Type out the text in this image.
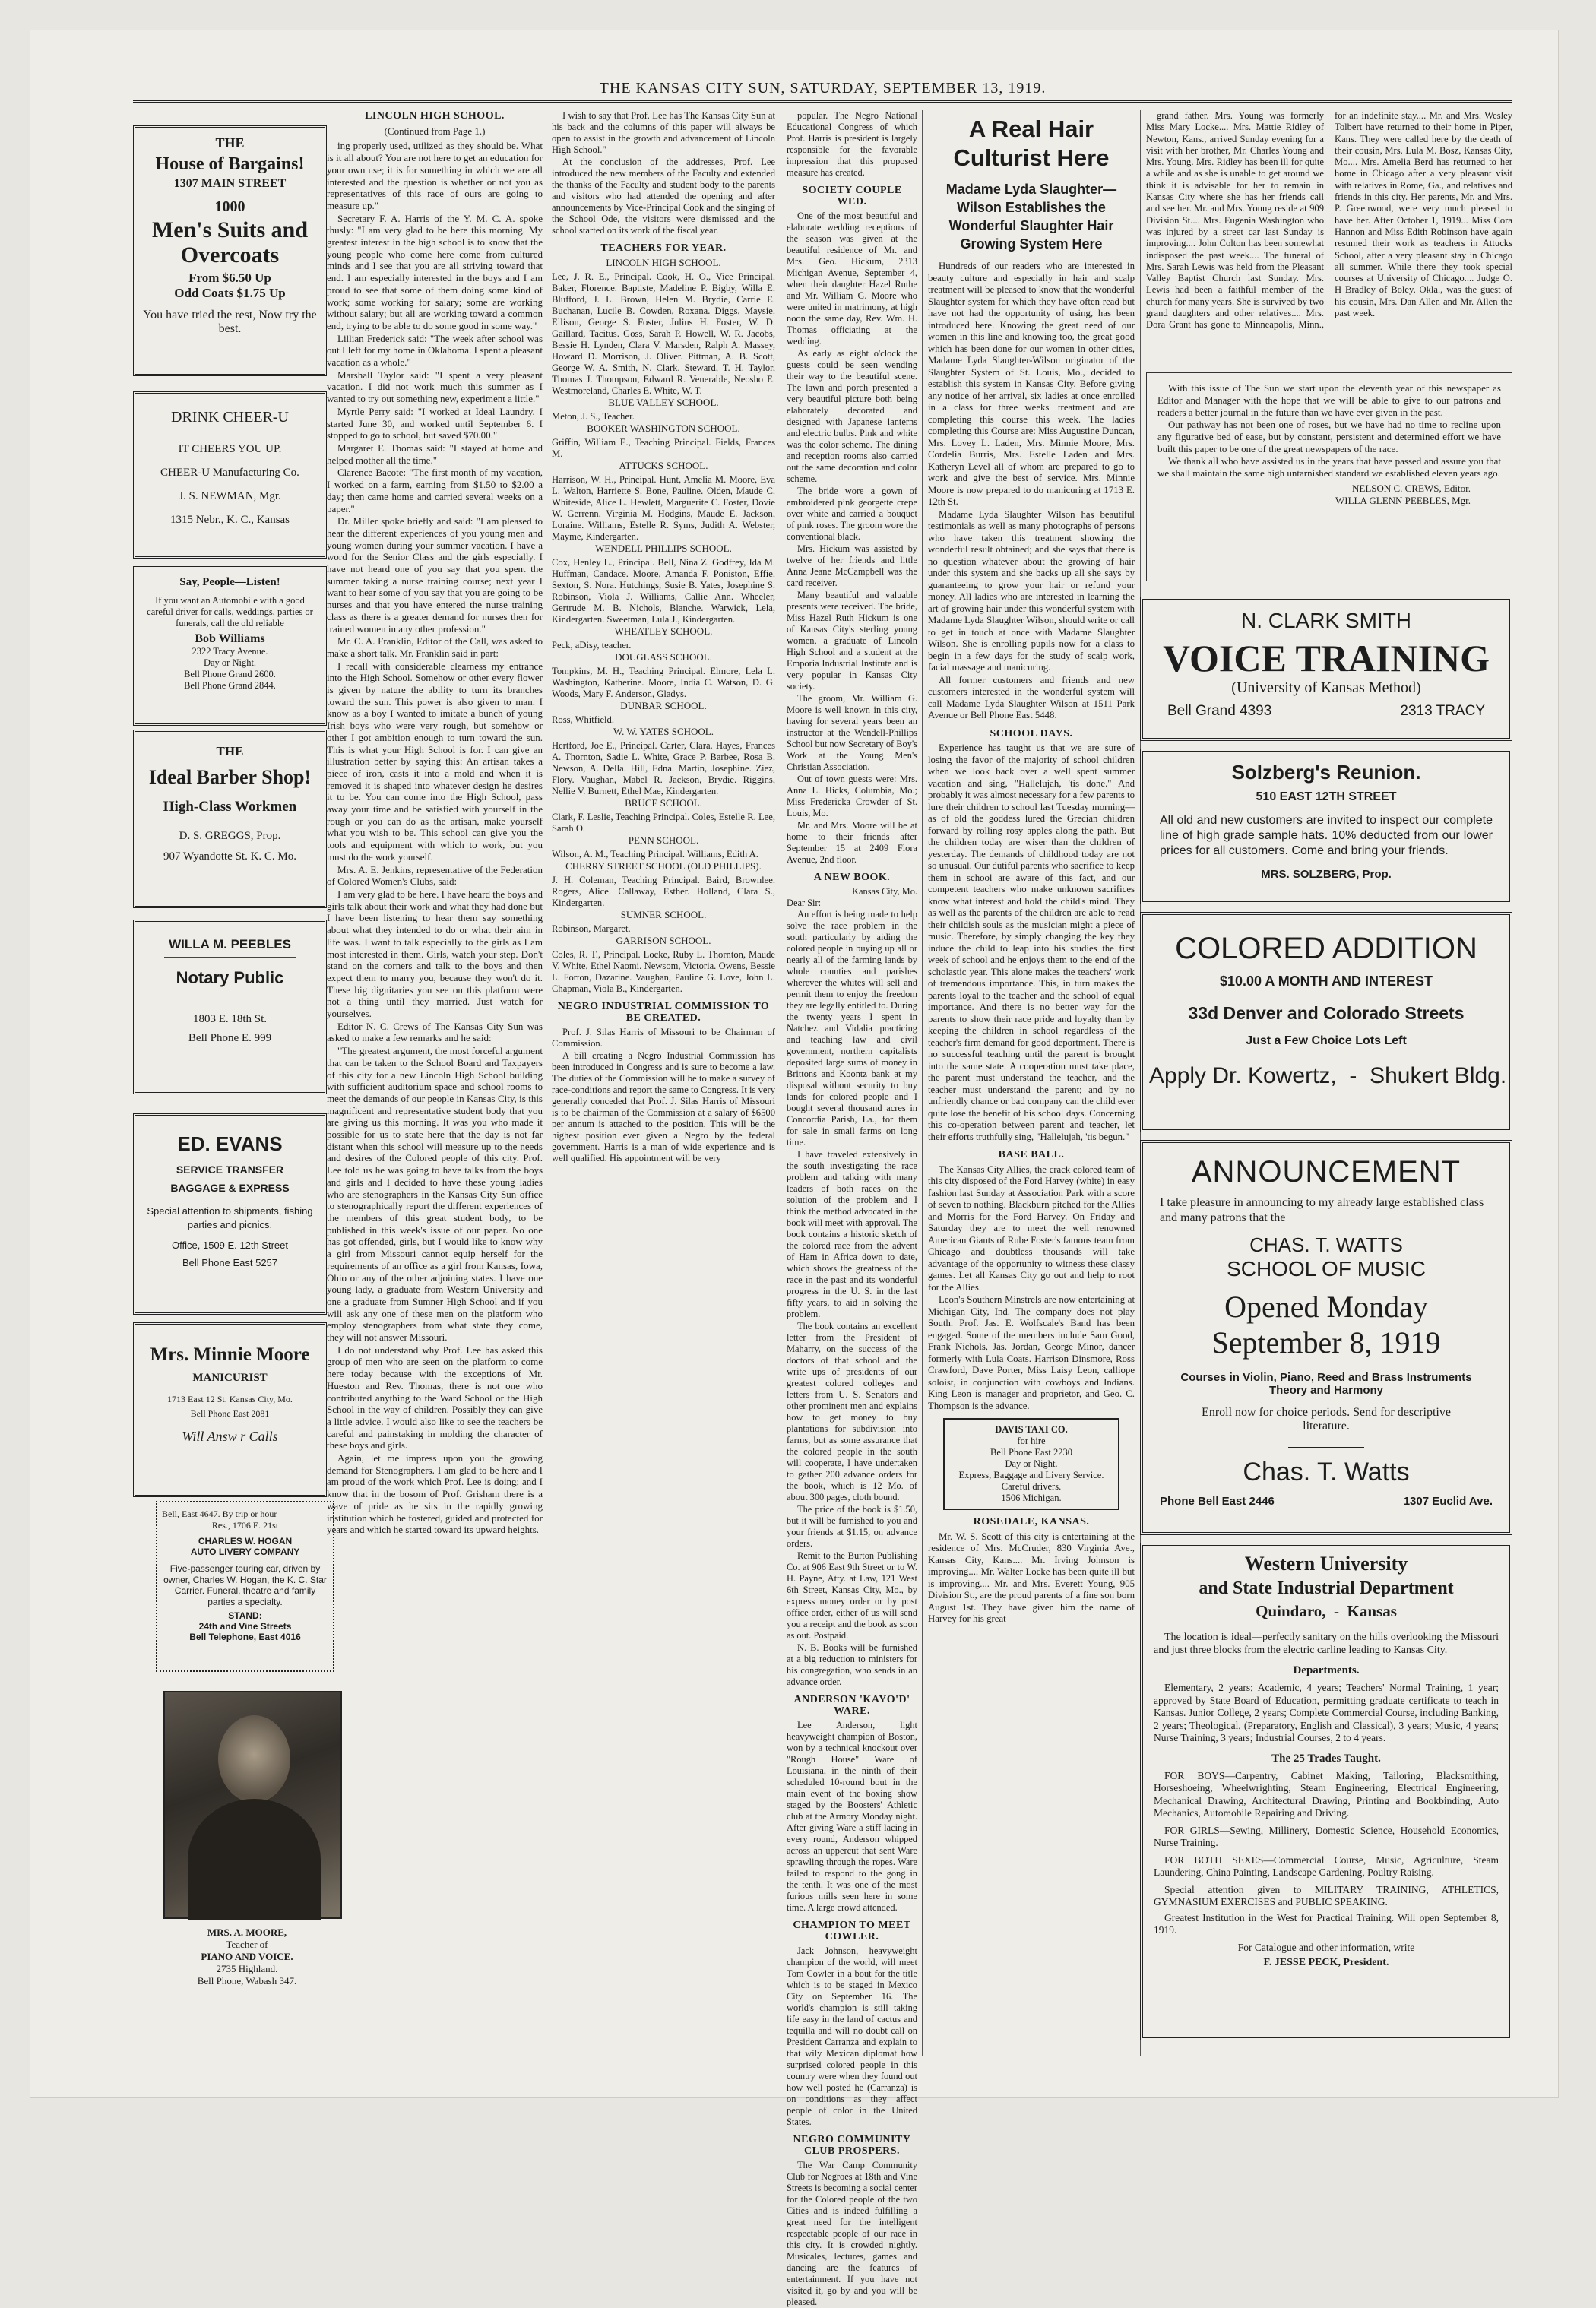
THE KANSAS CITY SUN, SATURDAY, SEPTEMBER 13, 1919.
THE
House of Bargains!
1307 MAIN STREET
1000
Men's Suits and Overcoats
From $6.50 Up
Odd Coats $1.75 Up
You have tried the rest, Now try the best.
DRINK CHEER-U
IT CHEERS YOU UP.
CHEER-U Manufacturing Co.
J. S. NEWMAN, Mgr.
1315 Nebr., K. C., Kansas
Say, People—Listen!
If you want an Automobile with a good careful driver for calls, weddings, parties or funerals, call the old reliable
Bob Williams
2322 Tracy Avenue.
Day or Night.
Bell Phone Grand 2600.
Bell Phone Grand 2844.
THE
Ideal Barber Shop!
High-Class Workmen
D. S. GREGGS, Prop.
907 Wyandotte St. K. C. Mo.
WILLA M. PEEBLES
Notary Public
1803 E. 18th St.
Bell Phone E. 999
ED. EVANS
SERVICE TRANSFER
BAGGAGE & EXPRESS
Special attention to shipments, fishing parties and picnics.
Office, 1509 E. 12th Street
Bell Phone East 5257
Mrs. Minnie Moore
MANICURIST
1713 East 12 St. Kansas City, Mo.
Bell Phone East 2081
Will Answ r Calls
Bell, East 4647. By trip or hour
Res., 1706 E. 21st
CHARLES W. HOGAN
AUTO LIVERY COMPANY
Five-passenger touring car, driven by owner, Charles W. Hogan, the K. C. Star Carrier. Funeral, theatre and family parties a specialty.
STAND:
24th and Vine Streets
Bell Telephone, East 4016
MRS. A. MOORE,
Teacher of
PIANO AND VOICE.
2735 Highland.
Bell Phone, Wabash 347.
LINCOLN HIGH SCHOOL.
(Continued from Page 1.)

ing properly used, utilized as they should be. What is it all about? You are not here to get an education for your own use; it is for something in which we are all interested and the question is whether or not you as representatives of this race of ours are going to measure up."

Secretary F. A. Harris of the Y. M. C. A. spoke thusly: "I am very glad to be here this morning. My greatest interest in the high school is to know that the young people who come here come from cultured minds and I see that you are all striving toward that end. I am especially interested in the boys and I am proud to see that some of them doing some kind of work; some working for salary; some are working without salary; but all are working toward a common end, trying to be able to do some good in some way."

Lillian Frederick said: "The week after school was out I left for my home in Oklahoma. I spent a pleasant vacation as a whole."

Marshall Taylor said: "I spent a very pleasant vacation. I did not work much this summer as I wanted to try out something new, experiment a little."

Myrtle Perry said: "I worked at Ideal Laundry. I started June 30, and worked until September 6. I stopped to go to school, but saved $70.00."

Margaret E. Thomas said: "I stayed at home and helped mother all the time."

Clarence Bacote: "The first month of my vacation, I worked on a farm, earning from $1.50 to $2.00 a day; then came home and carried several weeks on a paper."

Dr. Miller spoke briefly and said: "I am pleased to hear the different experiences of you young men and young women during your summer vacation. I have a word for the Senior Class and the girls especially. I have not heard one of you say that you spent the summer taking a nurse training course; next year I want to hear some of you say that you are going to be nurses and that you have entered the nurse training class as there is a greater demand for nurses then for trained women in any other profession."

Mr. C. A. Franklin, Editor of the Call, was asked to make a short talk. Mr. Franklin said in part:

I recall with considerable clearness my entrance into the High School. Somehow or other every flower is given by nature the ability to turn its branches toward the sun. This power is also given to man. I know as a boy I wanted to imitate a bunch of young Irish boys who were very rough, but somehow or other I got ambition enough to turn toward the sun. This is what your High School is for. I can give an illustration better by saying this: An artisan takes a piece of iron, casts it into a mold and when it is removed it is shaped into whatever design he desires it to be. You can come into the High School, pass away your time and be satisfied with yourself in the rough or you can do as the artisan, make yourself what you wish to be. This school can give you the tools and equipment with which to work, but you must do the work yourself.

Mrs. A. E. Jenkins, representative of the Federation of Colored Women's Clubs, said:

I am very glad to be here. I have heard the boys and girls talk about their work and what they had done but I have been listening to hear them say something about what they intended to do or what their aim in life was. I want to talk especially to the girls as I am most interested in them. Girls, watch your step. Don't stand on the corners and talk to the boys and then expect them to marry you, because they won't do it. These big dignitaries you see on this platform were not a thing until they married. Just watch for yourselves.

Editor N. C. Crews of The Kansas City Sun was asked to make a few remarks and he said:

"The greatest argument, the most forceful argument that can be taken to the School Board and Taxpayers of this city for a new Lincoln High School building with sufficient auditorium space and school rooms to meet the demands of our people in Kansas City, is this magnificent and representative student body that you are giving us this morning. It was you who made it possible for us to state here that the day is not far distant when this school will measure up to the needs and desires of the Colored people of this city. Prof. Lee told us he was going to have talks from the boys and girls and I decided to have these young ladies who are stenographers in the Kansas City Sun office to stenographically report the different experiences of the members of this great student body, to be published in this week's issue of our paper. No one has got offended, girls, but I would like to know why a girl from Missouri cannot equip herself for the requirements of an office as a girl from Kansas, Iowa, Ohio or any of the other adjoining states. I have one young lady, a graduate from Western University and one a graduate from Sumner High School and if you will ask any one of these men on the platform who employ stenographers from what state they come, they will not answer Missouri.

I do not understand why Prof. Lee has asked this group of men who are seen on the platform to come here today because with the exceptions of Mr. Hueston and Rev. Thomas, there is not one who contributed anything to the Ward School or the High School in the way of children. Possibly they can give a little advice. I would also like to see the teachers be careful and painstaking in molding the character of these boys and girls.

Again, let me impress upon you the growing demand for Stenographers. I am glad to be here and I am proud of the work which Prof. Lee is doing; and I know that in the bosom of Prof. Grisham there is a wave of pride as he sits in the rapidly growing institution which he fostered, guided and protected for years and which he started toward its upward heights.

I wish to say that Prof. Lee has The Kansas City Sun at his back and the columns of this paper will always be open to assist in the growth and advancement of Lincoln High School."

At the conclusion of the addresses, Prof. Lee introduced the new members of the Faculty and extended the thanks of the Faculty and student body to the parents and visitors who had attended the opening and after announcements by Vice-Principal Cook and the singing of the School Ode, the visitors were dismissed and the school started on its work of the fiscal year.

TEACHERS FOR YEAR.
LINCOLN HIGH SCHOOL.
Lee, J. R. E., Principal. Cook, H. O., Vice Principal. Baker, Florence. Baptiste, Madeline P. Bigby, Willa E. Blufford, J. L. Brown, Helen M. Brydie, Carrie E. Buchanan, Lucile B. Cowden, Roxana. Diggs, Maysie. Ellison, George S. Foster, Julius H. Foster, W. D. Gaillard, Tacitus. Goss, Sarah P. Howell, W. R. Jacobs, Bessie H. Lynden, Clara V. Marsden, Ralph A. Massey, Howard D. Morrison, J. Oliver. Pittman, A. B. Scott, George W. A. Smith, N. Clark. Steward, T. H. Taylor, Thomas J. Thompson, Edward R. Venerable, Neosho E. Westmoreland, Charles E. White, W. T.
BLUE VALLEY SCHOOL.
Meton, J. S., Teacher.
BOOKER WASHINGTON SCHOOL.
Griffin, William E., Teaching Principal. Fields, Frances M.
ATTUCKS SCHOOL.
Harrison, W. H., Principal. Hunt, Amelia M. Moore, Eva L. Walton, Harriette S. Bone, Pauline. Olden, Maude C. Whiteside, Alice L. Hewlett, Marguerite C. Foster, Dovie W. Gerrenn, Virginia M. Hodgins, Maude E. Jackson, Loraine. Williams, Estelle R. Syms, Judith A. Webster, Mayme, Kindergarten.
WENDELL PHILLIPS SCHOOL.
Cox, Henley L., Principal. Bell, Nina Z. Godfrey, Ida M. Huffman, Candace. Moore, Amanda F. Poniston, Effie. Sexton, S. Nora. Hutchings, Susie B. Yates, Josephine S. Robinson, Viola J. Williams, Callie Ann. Wheeler, Gertrude M. B. Nichols, Blanche. Warwick, Lela, Kindergarten. Sweetman, Lula J., Kindergarten.
WHEATLEY SCHOOL.
Peck, aDisy, teacher.
DOUGLASS SCHOOL.
Tompkins, M. H., Teaching Principal. Elmore, Lela L. Washington, Katherine. Moore, India C. Watson, D. G. Woods, Mary F. Anderson, Gladys.
DUNBAR SCHOOL.
Ross, Whitfield.
W. W. YATES SCHOOL.
Hertford, Joe E., Principal. Carter, Clara. Hayes, Frances A. Thornton, Sadie L. White, Grace P. Barbee, Rosa B. Newson, A. Della. Hill, Edna. Martin, Josephine. Ziez, Flory. Vaughan, Mabel R. Jackson, Brydie. Riggins, Nellie V. Burnett, Ethel Mae, Kindergarten.
BRUCE SCHOOL.
Clark, F. Leslie, Teaching Principal. Coles, Estelle R. Lee, Sarah O.
PENN SCHOOL.
Wilson, A. M., Teaching Principal. Williams, Edith A.
CHERRY STREET SCHOOL (OLD PHILLIPS).
J. H. Coleman, Teaching Principal. Baird, Brownlee. Rogers, Alice. Callaway, Esther. Holland, Clara S., Kindergarten.
SUMNER SCHOOL.
Robinson, Margaret.
GARRISON SCHOOL.
Coles, R. T., Principal. Locke, Ruby L. Thornton, Maude V. White, Ethel Naomi. Newsom, Victoria. Owens, Bessie L. Forton, Dazarine. Vaughan, Pauline G. Love, John L. Chapman, Viola B., Kindergarten.
NEGRO INDUSTRIAL COMMISSION TO BE CREATED.

Prof. J. Silas Harris of Missouri to be Chairman of Commission.

A bill creating a Negro Industrial Commission has been introduced in Congress and is sure to become a law. The duties of the Commission will be to make a survey of race-conditions and report the same to Congress. It is very generally conceded that Prof. J. Silas Harris of Missouri is to be chairman of the Commission at a salary of $6500 per annum is attached to the position. This will be the highest position ever given a Negro by the federal government. Harris is a man of wide experience and is well qualified. His appointment will be very

popular. The Negro National Educational Congress of which Prof. Harris is president is largely responsible for the favorable impression that this proposed measure has created.

SOCIETY COUPLE WED.

One of the most beautiful and elaborate wedding receptions of the season was given at the beautiful residence of Mr. and Mrs. Geo. Hickum, 2313 Michigan Avenue, September 4, when their daughter Hazel Ruthe and Mr. William G. Moore who were united in matrimony, at high noon the same day, Rev. Wm. H. Thomas officiating at the wedding.

As early as eight o'clock the guests could be seen wending their way to the beautiful scene. The lawn and porch presented a very beautiful picture both being elaborately decorated and designed with Japanese lanterns and electric bulbs. Pink and white was the color scheme. The dining and reception rooms also carried out the same decoration and color scheme.

The bride wore a gown of embroidered pink georgette crepe over white and carried a bouquet of pink roses. The groom wore the conventional black.

Mrs. Hickum was assisted by twelve of her friends and little Anna Jeane McCampbell was the card receiver.

Many beautiful and valuable presents were received. The bride, Miss Hazel Ruth Hickum is one of Kansas City's sterling young women, a graduate of Lincoln High School and a student at the Emporia Industrial Institute and is very popular in Kansas City society.

The groom, Mr. William G. Moore is well known in this city, having for several years been an instructor at the Wendell-Phillips School but now Secretary of Boy's Work at the Young Men's Christian Association.

Out of town guests were: Mrs. Anna L. Hicks, Columbia, Mo.; Miss Fredericka Crowder of St. Louis, Mo.

Mr. and Mrs. Moore will be at home to their friends after September 15 at 2409 Flora Avenue, 2nd floor.

A NEW BOOK.
Kansas City, Mo.
Dear Sir:

An effort is being made to help solve the race problem in the south particularly by aiding the colored people in buying up all or nearly all of the farming lands by whole counties and parishes wherever the whites will sell and permit them to enjoy the freedom they are legally entitled to. During the twenty years I spent in Natchez and Vidalia practicing and teaching law and civil government, northern capitalists deposited large sums of money in Brittons and Koontz bank at my disposal without security to buy lands for colored people and I bought several thousand acres in Concordia Parish, La., for them for sale in small farms on long time.

I have traveled extensively in the south investigating the race problem and talking with many leaders of both races on the solution of the problem and I think the method advocated in the book will meet with approval. The book contains a historic sketch of the colored race from the advent of Ham in Africa down to date, which shows the greatness of the race in the past and its wonderful progress in the U. S. in the last fifty years, to aid in solving the problem.

The book contains an excellent letter from the President of Maharry, on the success of the doctors of that school and the write ups of presidents of our greatest colored colleges and letters from U. S. Senators and other prominent men and explains how to get money to buy plantations for subdivision into farms, but as some assurance that the colored people in the south will cooperate, I have undertaken to gather 200 advance orders for the book, which is 12 Mo. of about 300 pages, cloth bound.

The price of the book is $1.50, but it will be furnished to you and your friends at $1.15, on advance orders.

Remit to the Burton Publishing Co. at 906 East 9th Street or to W. H. Payne, Atty. at Law, 121 West 6th Street, Kansas City, Mo., by express money order or by post office order, either of us will send you a receipt and the book as soon as out. Postpaid.

N. B. Books will be furnished at a big reduction to ministers for his congregation, who sends in an advance order.

ANDERSON 'KAYO'D' WARE.

Lee Anderson, light heavyweight champion of Boston, won by a technical knockout over "Rough House" Ware of Louisiana, in the ninth of their scheduled 10-round bout in the main event of the boxing show staged by the Boosters' Athletic club at the Armory Monday night. After giving Ware a stiff lacing in every round, Anderson whipped across an uppercut that sent Ware sprawling through the ropes. Ware failed to respond to the gong in the tenth. It was one of the most furious mills seen here in some time. A large crowd attended.

CHAMPION TO MEET COWLER.

Jack Johnson, heavyweight champion of the world, will meet Tom Cowler in a bout for the title which is to be staged in Mexico City on September 16. The world's champion is still taking life easy in the land of cactus and tequilla and will no doubt call on President Carranza and explain to that wily Mexican diplomat how surprised colored people in this country were when they found out how well posted he (Carranza) is on conditions as they affect people of color in the United States.

NEGRO COMMUNITY CLUB PROSPERS.

The War Camp Community Club for Negroes at 18th and Vine Streets is becoming a social center for the Colored people of the two Cities and is indeed fulfilling a great need for the intelligent respectable people of our race in this city. It is crowded nightly. Musicales, lectures, games and dancing are the features of entertainment. If you have not visited it, go by and you will be pleased.

A Real Hair Culturist Here
Madame Lyda Slaughter—Wilson Establishes the Wonderful Slaughter Hair Growing System Here

Hundreds of our readers who are interested in beauty culture and especially in hair and scalp treatment will be pleased to know that the wonderful Slaughter system for which they have often read but have not had the opportunity of using, has been introduced here. Knowing the great need of our women in this line and knowing too, the great good which has been done for our women in other cities, Madame Lyda Slaughter-Wilson originator of the Slaughter System of St. Louis, Mo., decided to establish this system in Kansas City. Before giving any notice of her arrival, six ladies at once enrolled in a class for three weeks' treatment and are completing this course this week. The ladies completing this Course are: Miss Augustine Duncan, Mrs. Lovey L. Laden, Mrs. Minnie Moore, Mrs. Cordelia Burris, Mrs. Estelle Laden and Mrs. Katheryn Level all of whom are prepared to go to work and give the best of service. Mrs. Minnie Moore is now prepared to do manicuring at 1713 E. 12th St.

Madame Lyda Slaughter Wilson has beautiful testimonials as well as many photographs of persons who have taken this treatment showing the wonderful result obtained; and she says that there is no question whatever about the growing of hair under this system and she backs up all she says by guaranteeing to grow your hair or refund your money. All ladies who are interested in learning the art of growing hair under this wonderful system with Madame Lyda Slaughter Wilson, should write or call to get in touch at once with Madame Slaughter Wilson. She is enrolling pupils now for a class to begin in a few days for the study of scalp work, facial massage and manicuring.

All former customers and friends and new customers interested in the wonderful system will call Madame Lyda Slaughter Wilson at 1511 Park Avenue or Bell Phone East 5448.

SCHOOL DAYS.

Experience has taught us that we are sure of losing the favor of the majority of school children when we look back over a well spent summer vacation and sing, "Hallelujah, 'tis done." And probably it was almost necessary for a few parents to lure their children to school last Tuesday morning—as of old the goddess lured the Grecian children forward by rolling rosy apples along the path. But the children today are wiser than the children of yesterday. The demands of childhood today are not so unusual. Our dutiful parents who sacrifice to keep them in school are aware of this fact, and our competent teachers who make unknown sacrifices know what interest and hold the child's mind. They as well as the parents of the children are able to read their childish souls as the musician might a piece of music. Therefore, by simply changing the key they induce the child to leap into his studies the first week of school and he enjoys them to the end of the scholastic year. This alone makes the teachers' work of tremendous importance. This, in turn makes the parents loyal to the teacher and the school of equal importance. And there is no better way for the parents to show their race pride and loyalty than by keeping the children in school regardless of the teacher's firm demand for good deportment. There is no successful teaching until the parent is brought into the same state. A cooperation must take place, the parent must understand the teacher, and the teacher must understand the parent; and by no unfriendly chance or bad company can the child ever quite lose the benefit of his school days. Concerning this co-operation between parent and teacher, let their efforts truthfully sing, "Hallelujah, 'tis begun."

BASE BALL.

The Kansas City Allies, the crack colored team of this city disposed of the Ford Harvey (white) in easy fashion last Sunday at Association Park with a score of seven to nothing. Blackburn pitched for the Allies and Morris for the Ford Harvey. On Friday and Saturday they are to meet the well renowned American Giants of Rube Foster's famous team from Chicago and doubtless thousands will take advantage of the opportunity to witness these classy games. Let all Kansas City go out and help to root for the Allies.

Leon's Southern Minstrels are now entertaining at Michigan City, Ind. The company does not play South. Prof. Jas. E. Wolfscale's Band has been engaged. Some of the members include Sam Good, Frank Nichols, Jas. Jordan, George Minor, dancer formerly with Lula Coats. Harrison Dinsmore, Ross Crawford, Dave Porter, Miss Laisy Leon, calliope soloist, in conjunction with cowboys and Indians. King Leon is manager and proprietor, and Geo. C. Thompson is the advance.

DAVIS TAXI CO.
for hire
Bell Phone East 2230
Day or Night.
Express, Baggage and Livery Service. Careful drivers.
1506 Michigan.
ROSEDALE, KANSAS.

Mr. W. S. Scott of this city is entertaining at the residence of Mrs. McCruder, 830 Virginia Ave., Kansas City, Kans.... Mr. Irving Johnson is improving.... Mr. Walter Locke has been quite ill but is improving.... Mr. and Mrs. Everett Young, 905 Division St., are the proud parents of a fine son born August 1st. They have given him the name of Harvey for his great

grand father. Mrs. Young was formerly Miss Mary Locke.... Mrs. Mattie Ridley of Newton, Kans., arrived Sunday evening for a visit with her brother, Mr. Charles Young and Mrs. Young. Mrs. Ridley has been ill for quite a while and as she is unable to get around we think it is advisable for her to remain in Kansas City where she has her friends call and see her. Mr. and Mrs. Young reside at 909 Division St.... Mrs. Eugenia Washington who was injured by a street car last Sunday is improving.... John Colton has been somewhat indisposed the past week.... The funeral of Mrs. Sarah Lewis was held from the Pleasant Valley Baptist Church last Sunday. Mrs. Lewis had been a faithful member of the church for many years. She is survived by two grand daughters and other relatives.... Mrs. Dora Grant has gone to Minneapolis, Minn., for an indefinite stay.... Mr. and Mrs. Wesley Tolbert have returned to their home in Piper, Kans. They were called here by the death of their cousin, Mrs. Lula M. Bosz, Kansas City, Mo.... Mrs. Amelia Berd has returned to her home in Chicago after a very pleasant visit with relatives in Rome, Ga., and relatives and friends in this city. Her parents, Mr. and Mrs. P. Greenwood, were very much pleased to have her. After October 1, 1919... Miss Cora Hannon and Miss Edith Robinson have again resumed their work as teachers in Attucks School, after a very pleasant stay in Chicago all summer. While there they took special courses at University of Chicago.... Judge O. H Bradley of Boley, Okla., was the guest of his cousin, Mrs. Dan Allen and Mr. Allen the past week.

With this issue of The Sun we start upon the eleventh year of this newspaper as Editor and Manager with the hope that we will be able to give to our patrons and readers a better journal in the future than we have ever given in the past.

Our pathway has not been one of roses, but we have had no time to recline upon any figurative bed of ease, but by constant, persistent and determined effort we have built this paper to be one of the great newspapers of the race.

We thank all who have assisted us in the years that have passed and assure you that we shall maintain the same high untarnished standard we established eleven years ago.

NELSON C. CREWS, Editor.
WILLA GLENN PEEBLES, Mgr.
N. CLARK SMITH
VOICE TRAINING
(University of Kansas Method)
Bell Grand 4393	2313 TRACY
Solzberg's Reunion.
510 EAST 12TH STREET
All old and new customers are invited to inspect our complete line of high grade sample hats. 10% deducted from our lower prices for all customers. Come and bring your friends.
MRS. SOLZBERG, Prop.
COLORED ADDITION
$10.00 A MONTH AND INTEREST
33d Denver and Colorado Streets
Just a Few Choice Lots Left
Apply Dr. Kowertz,  -  Shukert Bldg.
ANNOUNCEMENT
I take pleasure in announcing to my already large established class and many patrons that the
CHAS. T. WATTS
SCHOOL OF MUSIC
Opened Monday
September 8, 1919
Courses in Violin, Piano, Reed and Brass Instruments
Theory and Harmony
Enroll now for choice periods. Send for descriptive literature.
Chas. T. Watts
Phone Bell East 2446	1307 Euclid Ave.
Western University
and State Industrial Department
Quindaro,  -  Kansas
The location is ideal—perfectly sanitary on the hills overlooking the Missouri and just three blocks from the electric carline leading to Kansas City.
Departments.
Elementary, 2 years; Academic, 4 years; Teachers' Normal Training, 1 year; approved by State Board of Education, permitting graduate certificate to teach in Kansas. Junior College, 2 years; Complete Commercial Course, including Banking, 2 years; Theological, (Preparatory, English and Classical), 3 years; Music, 4 years; Nurse Training, 3 years; Industrial Courses, 2 to 4 years.
The 25 Trades Taught.
FOR BOYS—Carpentry, Cabinet Making, Tailoring, Blacksmithing, Horseshoeing, Wheelwrighting, Steam Engineering, Electrical Engineering, Mechanical Drawing, Architectural Drawing, Printing and Bookbinding, Auto Mechanics, Automobile Repairing and Driving.
FOR GIRLS—Sewing, Millinery, Domestic Science, Household Economics, Nurse Training.
FOR BOTH SEXES—Commercial Course, Music, Agriculture, Steam Laundering, China Painting, Landscape Gardening, Poultry Raising.
Special attention given to MILITARY TRAINING, ATHLETICS, GYMNASIUM EXERCISES and PUBLIC SPEAKING.
Greatest Institution in the West for Practical Training. Will open September 8, 1919.
For Catalogue and other information, write
F. JESSE PECK, President.
